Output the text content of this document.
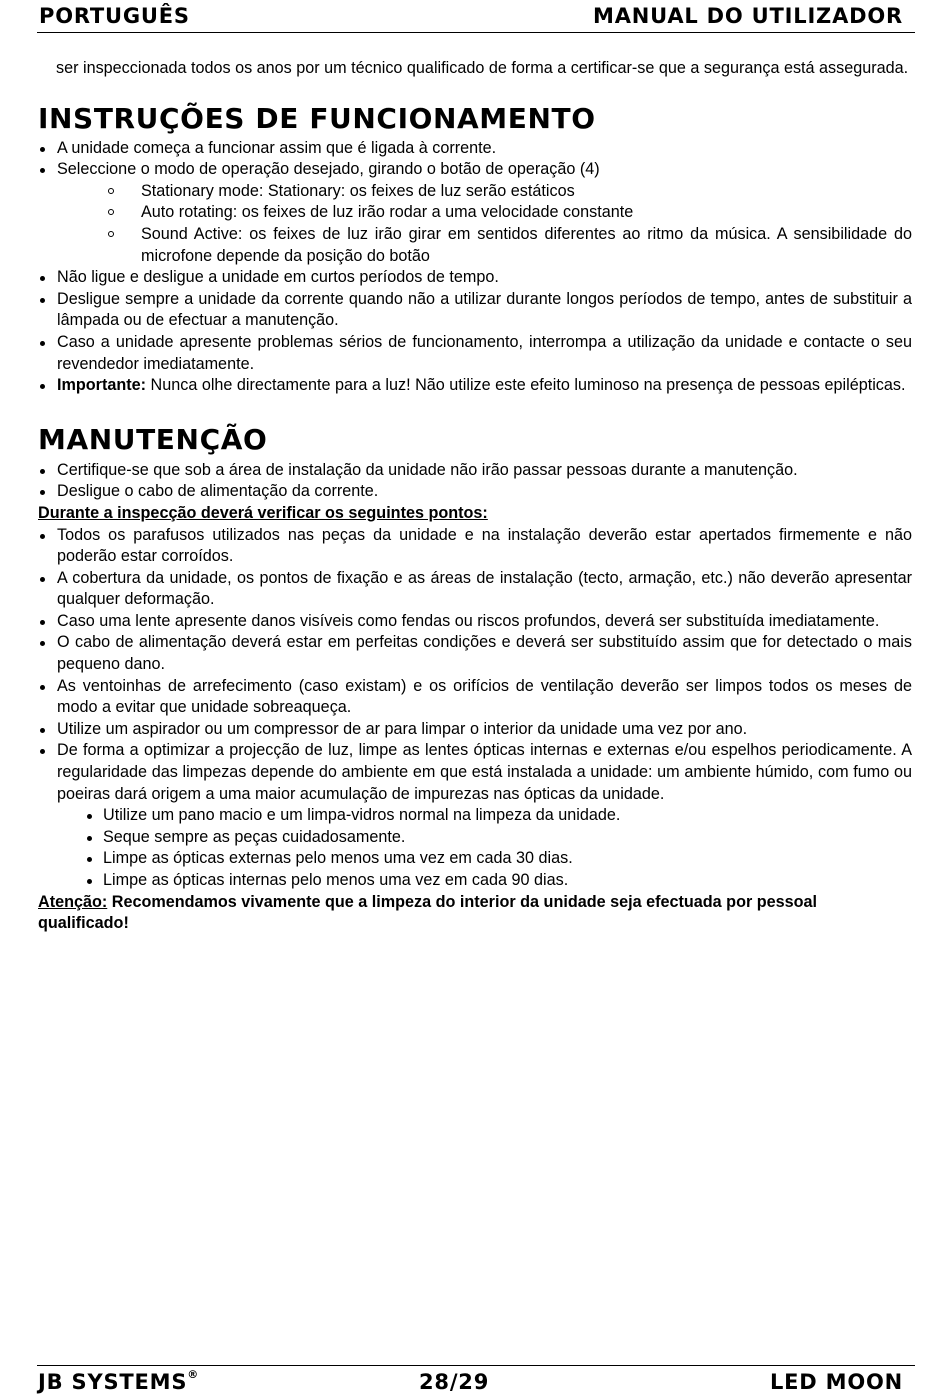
PORTUGUÊS	MANUAL DO UTILIZADOR
ser inspeccionada todos os anos por um técnico qualificado de forma a certificar-se que a segurança está assegurada.
INSTRUÇÕES DE FUNCIONAMENTO
A unidade começa a funcionar assim que é ligada à corrente.
Seleccione o modo de operação desejado, girando o botão de operação (4)
Stationary mode: Stationary: os feixes de luz serão estáticos
Auto rotating: os feixes de luz irão rodar a uma velocidade constante
Sound Active: os feixes de luz irão girar em sentidos diferentes ao ritmo da música. A sensibilidade do microfone depende da posição do botão
Não ligue e desligue a unidade em curtos períodos de tempo.
Desligue sempre a unidade da corrente quando não a utilizar durante longos períodos de tempo, antes de substituir a lâmpada ou de efectuar a manutenção.
Caso a unidade apresente problemas sérios de funcionamento, interrompa a utilização da unidade e contacte o seu revendedor imediatamente.
Importante: Nunca olhe directamente para a luz! Não utilize este efeito luminoso na presença de pessoas epilépticas.
MANUTENÇÃO
Certifique-se que sob a área de instalação da unidade não irão passar pessoas durante a manutenção.
Desligue o cabo de alimentação da corrente.
Durante a inspecção deverá verificar os seguintes pontos:
Todos os parafusos utilizados nas peças da unidade e na instalação deverão estar apertados firmemente e não poderão estar corroídos.
A cobertura da unidade, os pontos de fixação e as áreas de instalação (tecto, armação, etc.) não deverão apresentar qualquer deformação.
Caso uma lente apresente danos visíveis como fendas ou riscos profundos, deverá ser substituída imediatamente.
O cabo de alimentação deverá estar em perfeitas condições e deverá ser substituído assim que for detectado o mais pequeno dano.
As ventoinhas de arrefecimento (caso existam) e os orifícios de ventilação deverão ser limpos todos os meses de modo a evitar que unidade sobreaqueça.
Utilize um aspirador ou um compressor de ar para limpar o interior da unidade uma vez por ano.
De forma a optimizar a projecção de luz, limpe as lentes ópticas internas e externas e/ou espelhos periodicamente. A regularidade das limpezas depende do ambiente em que está instalada a unidade: um ambiente húmido, com fumo ou poeiras dará origem a uma maior acumulação de impurezas nas ópticas da unidade.
Utilize um pano macio e um limpa-vidros normal na limpeza da unidade.
Seque sempre as peças cuidadosamente.
Limpe as ópticas externas pelo menos uma vez em cada 30 dias.
Limpe as ópticas internas pelo menos uma vez em cada 90 dias.
Atenção: Recomendamos vivamente que a limpeza do interior da unidade seja efectuada por pessoal qualificado!
JB SYSTEMS®	28/29	LED MOON
